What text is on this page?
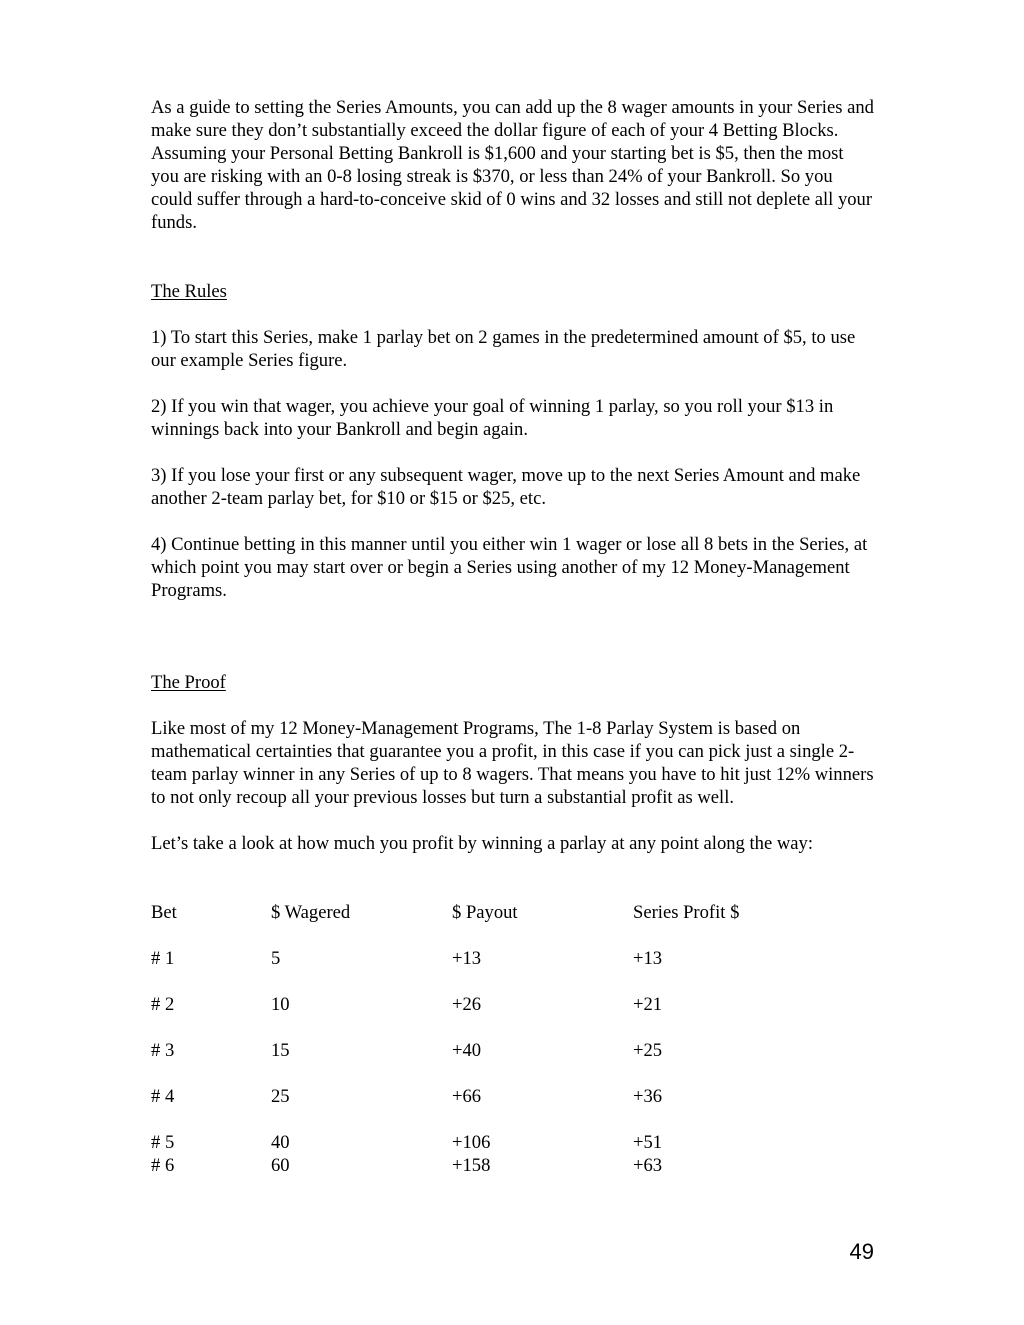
As a guide to setting the Series Amounts, you can add up the 8 wager amounts in your Series and make sure they don’t substantially exceed the dollar figure of each of your 4 Betting Blocks. Assuming your Personal Betting Bankroll is $1,600 and your starting bet is $5, then the most you are risking with an 0-8 losing streak is $370, or less than 24% of your Bankroll. So you could suffer through a hard-to-conceive skid of 0 wins and 32 losses and still not deplete all your funds.

The Rules

1) To start this Series, make 1 parlay bet on 2 games in the predetermined amount of $5, to use our example Series figure.

2) If you win that wager, you achieve your goal of winning 1 parlay, so you roll your $13 in winnings back into your Bankroll and begin again.

3) If you lose your first or any subsequent wager, move up to the next Series Amount and make another 2-team parlay bet, for $10 or $15 or $25, etc.

4) Continue betting in this manner until you either win 1 wager or lose all 8 bets in the Series, at which point you may start over or begin a Series using another of my 12 Money-Management Programs.

The Proof

Like most of my 12 Money-Management Programs, The 1-8 Parlay System is based on mathematical certainties that guarantee you a profit, in this case if you can pick just a single 2-team parlay winner in any Series of up to 8 wagers. That means you have to hit just 12% winners to not only recoup all your previous losses but turn a substantial profit as well.

Let’s take a look at how much you profit by winning a parlay at any point along the way:

Bet	$ Wagered	$ Payout	Series Profit $

# 1	5	+13	+13

# 2	10	+26	+21

# 3	15	+40	+25

# 4	25	+66	+36

# 5	40	+106	+51
# 6	60	+158	+63
49
